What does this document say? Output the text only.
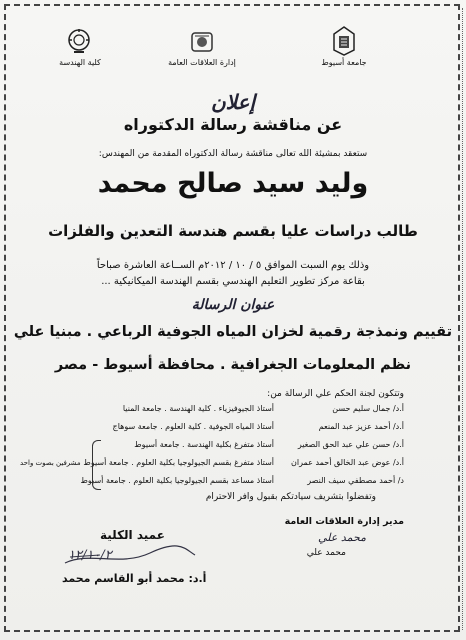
كلية الهندسة	إدارة العلاقات العامة	جامعة أسيوط
إعلان
عن مناقشة رسالة الدكتوراه
ستعقد بمشيئة الله تعالى مناقشة رسالة الدكتوراه المقدمة من المهندس:
وليد سيد صالح محمد
طالب دراسات عليا بقسم هندسة التعدين والفلزات
وذلك يوم السبت الموافق ٥ / ١٠ / ٢٠١٢م الســاعة العاشرة صباحاً
بقاعة مركز تطوير التعليم الهندسي بقسم الهندسة الميكانيكية ...
عنوان الرسالة
تقييم ونمذجة رقمية لخزان المياه الجوفية الرباعي . مبنيا علي
نظم المعلومات الجغرافية . محافظة أسيوط - مصر
وتتكون لجنة الحكم علي الرسالة من:
أ.د/ جمال سليم حسن
أستاذ الجيوفيزياء . كلية الهندسة . جامعة المنيا
أ.د/ أحمد عزيز عبد المنعم
أستاذ المياه الجوفية . كلية العلوم . جامعة سوهاج
أ.د/ حسن علي عبد الحق الصغير
أستاذ متفرغ بكلية الهندسة . جامعة أسيوط
أ.د/ عوض عبد الخالق أحمد عمران
أستاذ متفرغ بقسم الجيولوجيا بكلية العلوم . جامعة أسيوط
د/ أحمد مصطفي سيف النصر
أستاذ مساعد بقسم الجيولوجيا بكلية العلوم . جامعة أسيوط
مشرفين بصوت واحد
وتفضلوا بتشريف سيادتكم بقبول وافر الاحترام
مدير إدارة العلاقات العامة
محمد علي
محمد علي
عميد الكلية
١٢/١٠/٢
أ.د: محمد أبو القاسم محمد
